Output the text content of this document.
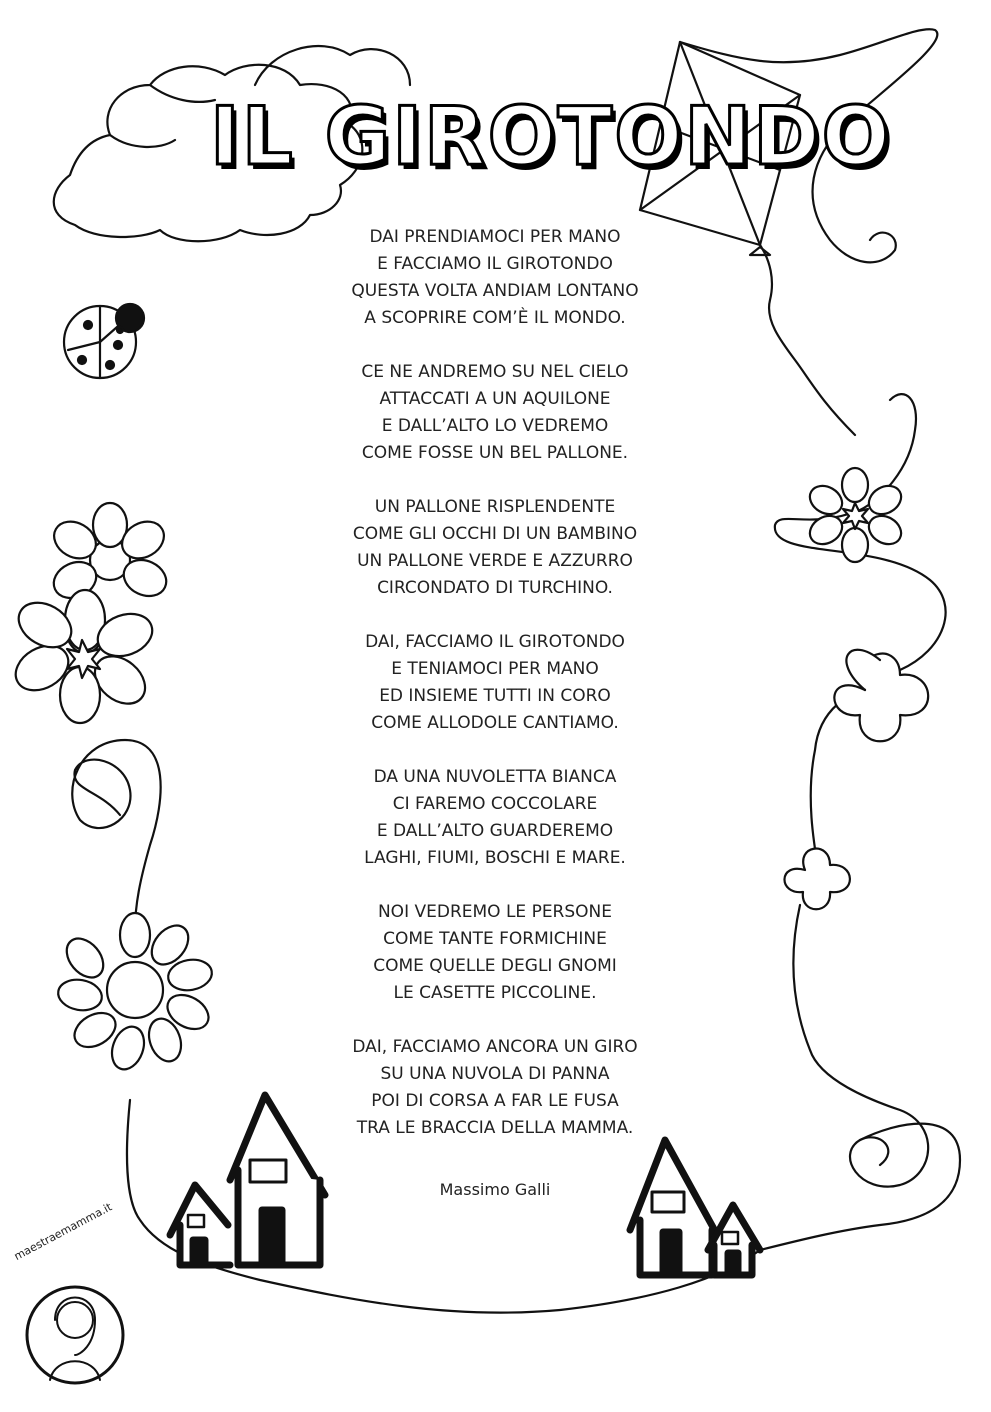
IL GIROTONDO
DAI PRENDIAMOCI PER MANO
E FACCIAMO IL GIROTONDO
QUESTA VOLTA ANDIAM LONTANO
A SCOPRIRE COM’È IL MONDO.
CE NE ANDREMO SU NEL CIELO
ATTACCATI A UN AQUILONE
E DALL’ALTO LO VEDREMO
COME FOSSE UN BEL PALLONE.
UN PALLONE RISPLENDENTE
COME GLI OCCHI DI UN BAMBINO
UN PALLONE VERDE E AZZURRO
CIRCONDATO DI TURCHINO.
DAI, FACCIAMO IL GIROTONDO
E TENIAMOCI PER MANO
ED INSIEME TUTTI IN CORO
COME ALLODOLE CANTIAMO.
DA UNA NUVOLETTA BIANCA
CI FAREMO COCCOLARE
E DALL’ALTO GUARDEREMO
LAGHI, FIUMI, BOSCHI E MARE.
NOI VEDREMO LE PERSONE
COME TANTE FORMICHINE
COME QUELLE DEGLI GNOMI
LE CASETTE PICCOLINE.
DAI, FACCIAMO ANCORA UN GIRO
SU UNA NUVOLA DI PANNA
POI DI CORSA A FAR LE FUSA
TRA LE BRACCIA DELLA MAMMA.
Massimo Galli
maestraemamma.it
